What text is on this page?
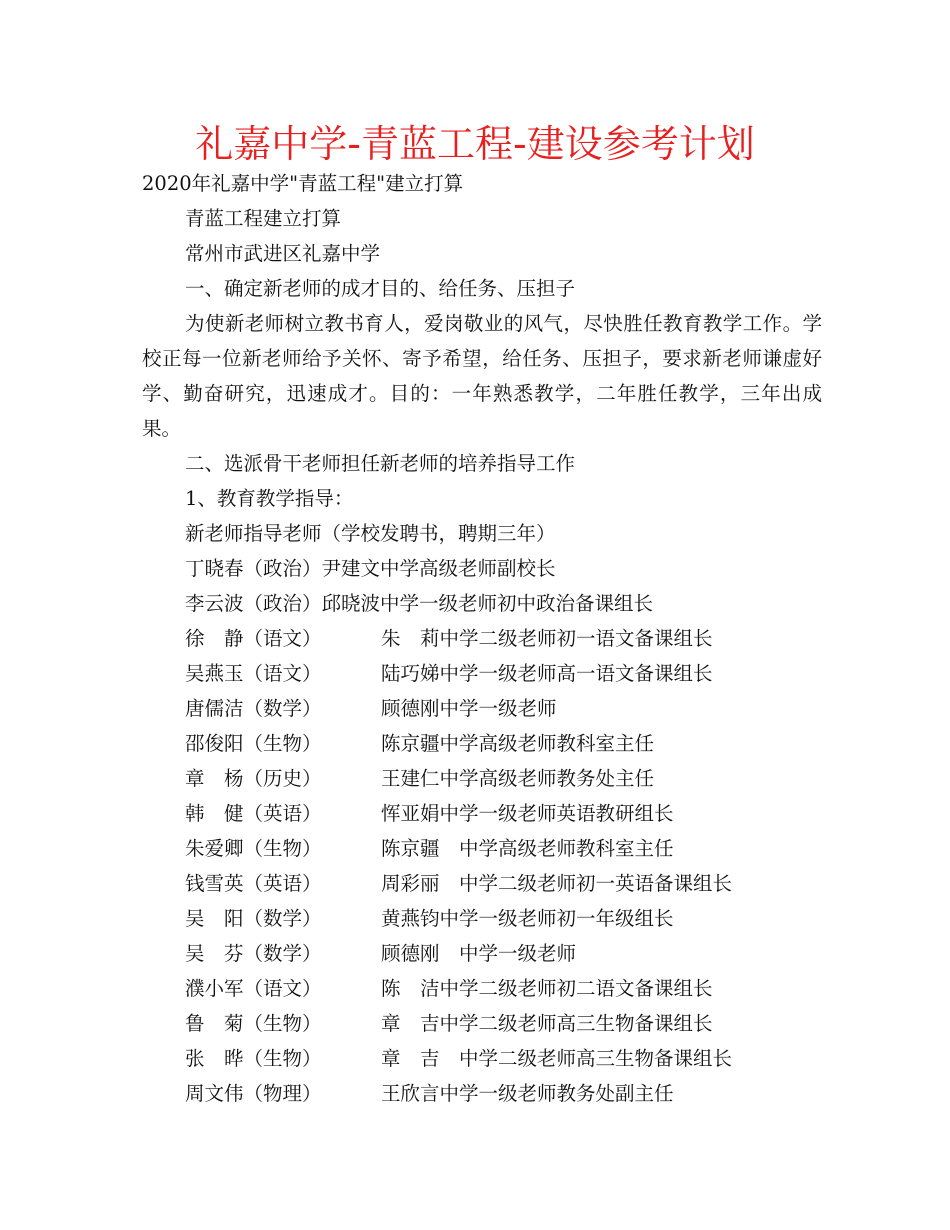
礼嘉中学-青蓝工程-建设参考计划
2020年礼嘉中学"青蓝工程"建立打算
青蓝工程建立打算
常州市武进区礼嘉中学
一、确定新老师的成才目的、给任务、压担子
为使新老师树立教书育人，爱岗敬业的风气，尽快胜任教育教学工作。学校正每一位新老师给予关怀、寄予希望，给任务、压担子，要求新老师谦虚好学、勤奋研究，迅速成才。目的：一年熟悉教学，二年胜任教学，三年出成果。
二、选派骨干老师担任新老师的培养指导工作
1、教育教学指导：
新老师指导老师（学校发聘书，聘期三年）
丁晓春（政治）尹建文中学高级老师副校长
李云波（政治）邱晓波中学一级老师初中政治备课组长
徐　静（语文）	朱　莉中学二级老师初一语文备课组长
吴燕玉（语文）	陆巧娣中学一级老师高一语文备课组长
唐儒洁（数学）	顾德刚中学一级老师
邵俊阳（生物）	陈京疆中学高级老师教科室主任
章　杨（历史）	王建仁中学高级老师教务处主任
韩　健（英语）	恽亚娟中学一级老师英语教研组长
朱爱卿（生物）	陈京疆　中学高级老师教科室主任
钱雪英（英语）	周彩丽　中学二级老师初一英语备课组长
吴　阳（数学）	黄燕钧中学一级老师初一年级组长
吴　芬（数学）	顾德刚　中学一级老师
濮小军（语文）	陈　洁中学二级老师初二语文备课组长
鲁　菊（生物）	章　吉中学二级老师高三生物备课组长
张　晔（生物）	章　吉　中学二级老师高三生物备课组长
周文伟（物理）	王欣言中学一级老师教务处副主任
